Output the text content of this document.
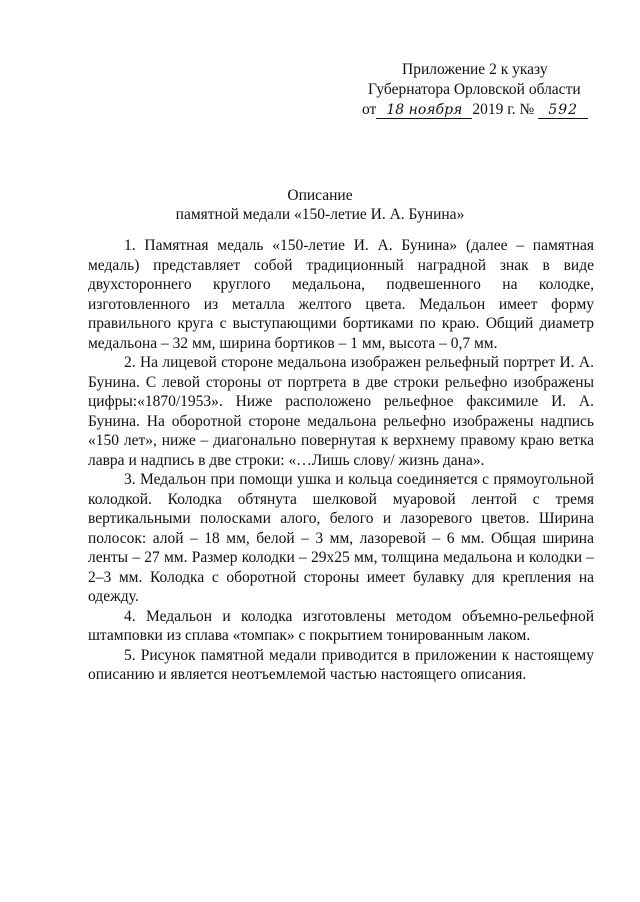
Приложение 2 к указу
Губернатора Орловской области
от 18 ноября 2019 г. № 592
Описание
памятной медали «150-летие И. А. Бунина»

1. Памятная медаль «150-летие И. А. Бунина» (далее – памятная медаль) представляет собой традиционный наградной знак в виде двухстороннего круглого медальона, подвешенного на колодке, изготовленного из металла желтого цвета. Медальон имеет форму правильного круга с выступающими бортиками по краю. Общий диаметр медальона – 32 мм, ширина бортиков – 1 мм, высота – 0,7 мм.

2. На лицевой стороне медальона изображен рельефный портрет И. А. Бунина. С левой стороны от портрета в две строки рельефно изображены цифры:«1870/1953». Ниже расположено рельефное факсимиле И. А. Бунина. На оборотной стороне медальона рельефно изображены надпись «150 лет», ниже – диагонально повернутая к верхнему правому краю ветка лавра и надпись в две строки: «…Лишь слову/ жизнь дана».

3. Медальон при помощи ушка и кольца соединяется с прямоугольной колодкой. Колодка обтянута шелковой муаровой лентой с тремя вертикальными полосками алого, белого и лазоревого цветов. Ширина полосок: алой – 18 мм, белой – 3 мм, лазоревой – 6 мм. Общая ширина ленты – 27 мм. Размер колодки – 29х25 мм, толщина медальона и колодки – 2–3 мм. Колодка с оборотной стороны имеет булавку для крепления на одежду.

4. Медальон и колодка изготовлены методом объемно-рельефной штамповки из сплава «томпак» с покрытием тонированным лаком.

5. Рисунок памятной медали приводится в приложении к настоящему описанию и является неотъемлемой частью настоящего описания.
